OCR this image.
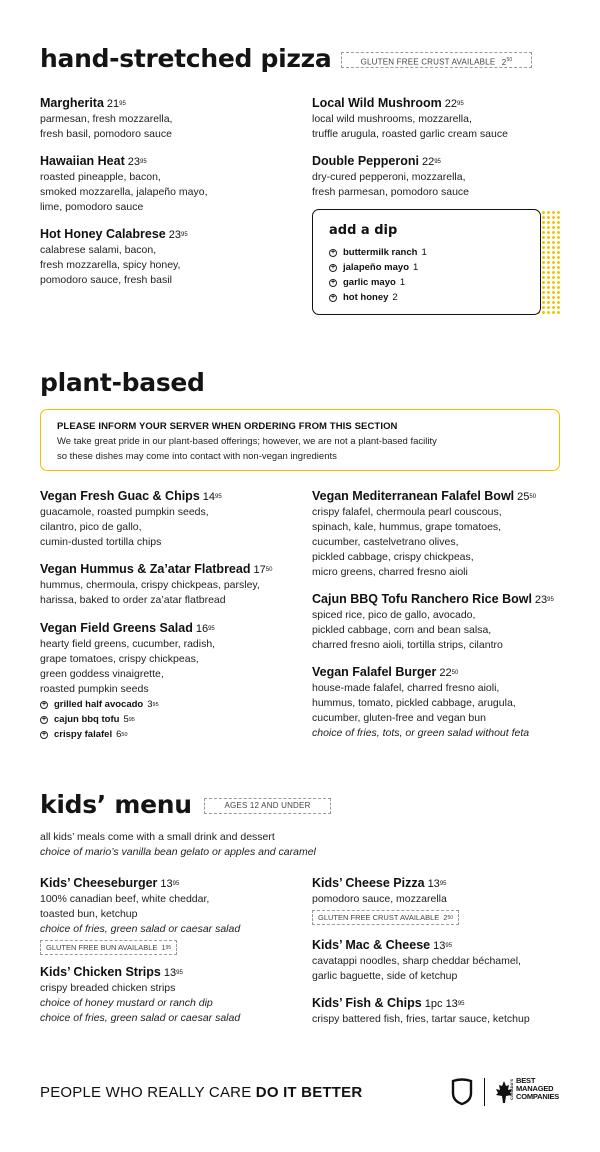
hand-stretched pizza	GLUTEN FREE CRUST AVAILABLE $2^{50}$
Margherita $21^{95}$
parmesan, fresh mozzarella,
fresh basil, pomodoro sauce
Hawaiian Heat $23^{95}$
roasted pineapple, bacon,
smoked mozzarella, jalapeño mayo,
lime, pomodoro sauce
Hot Honey Calabrese $23^{95}$
calabrese salami, bacon,
fresh mozzarella, spicy honey,
pomodoro sauce, fresh basil
Local Wild Mushroom $22^{95}$
local wild mushrooms, mozzarella,
truffle arugula, roasted garlic cream sauce
Double Pepperoni $22^{95}$
dry-cured pepperoni, mozzarella,
fresh parmesan, pomodoro sauce
add a dip
+ buttermilk ranch 1
+ jalapeño mayo 1
+ garlic mayo 1
+ hot honey 2
plant-based
PLEASE INFORM YOUR SERVER WHEN ORDERING FROM THIS SECTION
We take great pride in our plant-based offerings; however, we are not a plant-based facility
so these dishes may come into contact with non-vegan ingredients
Vegan Fresh Guac & Chips $14^{95}$
guacamole, roasted pumpkin seeds,
cilantro, pico de gallo,
cumin-dusted tortilla chips
Vegan Hummus & Za’atar Flatbread $17^{50}$
hummus, chermoula, crispy chickpeas, parsley,
harissa, baked to order za’atar flatbread
Vegan Field Greens Salad $16^{95}$
hearty field greens, cucumber, radish,
grape tomatoes, crispy chickpeas,
green goddess vinaigrette,
roasted pumpkin seeds
+ grilled half avocado $3^{95}$
+ cajun bbq tofu $5^{95}$
+ crispy falafel $6^{50}$
Vegan Mediterranean Falafel Bowl $25^{50}$
crispy falafel, chermoula pearl couscous,
spinach, kale, hummus, grape tomatoes,
cucumber, castelvetrano olives,
pickled cabbage, crispy chickpeas,
micro greens, charred fresno aioli
Cajun BBQ Tofu Ranchero Rice Bowl $23^{95}$
spiced rice, pico de gallo, avocado,
pickled cabbage, corn and bean salsa,
charred fresno aioli, tortilla strips, cilantro
Vegan Falafel Burger $22^{50}$
house-made falafel, charred fresno aioli,
hummus, tomato, pickled cabbage, arugula,
cucumber, gluten-free and vegan bun
choice of fries, tots, or green salad without feta
kids’ menu	AGES 12 AND UNDER
all kids’ meals come with a small drink and dessert
choice of mario’s vanilla bean gelato or apples and caramel
Kids’ Cheeseburger $13^{95}$
100% canadian beef, white cheddar,
toasted bun, ketchup
choice of fries, green salad or caesar salad
GLUTEN FREE BUN AVAILABLE $1^{95}$
Kids’ Chicken Strips $13^{95}$
crispy breaded chicken strips
choice of honey mustard or ranch dip
choice of fries, green salad or caesar salad
Kids’ Cheese Pizza $13^{95}$
pomodoro sauce, mozzarella
GLUTEN FREE CRUST AVAILABLE $2^{50}$
Kids’ Mac & Cheese $13^{95}$
cavatappi noodles, sharp cheddar béchamel,
garlic baguette, side of ketchup
Kids’ Fish & Chips 1pc $13^{95}$
crispy battered fish, fries, tartar sauce, ketchup
PEOPLE WHO REALLY CARE DO IT BETTER	CANADA'S BEST
MANAGED
COMPANIES
